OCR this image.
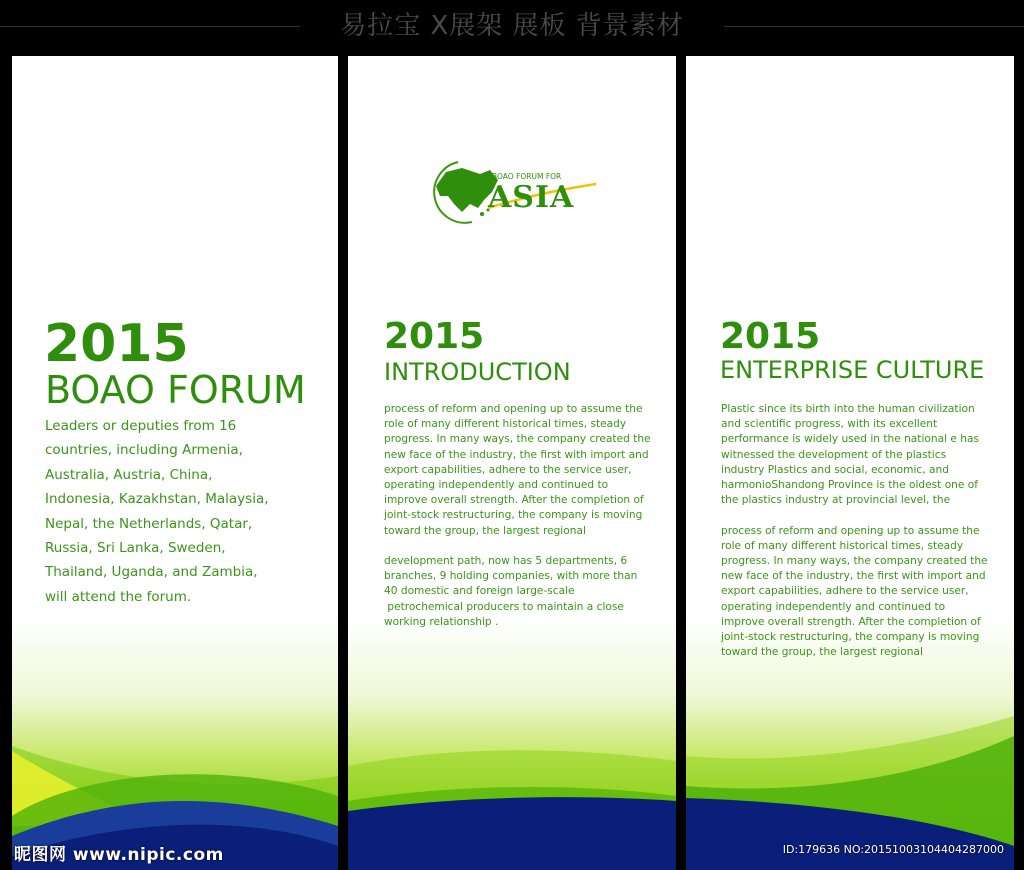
易拉宝 X展架 展板 背景素材
2015
BOAO FORUM

Leaders or deputies from 16

countries, including Armenia,

Australia, Austria, China,

Indonesia, Kazakhstan, Malaysia,

Nepal, the Netherlands, Qatar,

Russia, Sri Lanka, Sweden,

Thailand, Uganda, and Zambia,

will attend the forum.

BOAO FORUM FOR
ASIA
2015
INTRODUCTION

process of reform and opening up to assume the

role of many different historical times, steady

progress. In many ways, the company created the

new face of the industry, the first with import and

export capabilities, adhere to the service user,

operating independently and continued to

improve overall strength. After the completion of

joint-stock restructuring, the company is moving

toward the group, the largest regional

development path, now has 5 departments, 6

branches, 9 holding companies, with more than

40 domestic and foreign large-scale

petrochemical producers to maintain a close

working relationship .

2015
ENTERPRISE CULTURE

Plastic since its birth into the human civilization

and scientific progress, with its excellent

performance is widely used in the national e has

witnessed the development of the plastics

industry Plastics and social, economic, and

harmonioShandong Province is the oldest one of

the plastics industry at provincial level, the

process of reform and opening up to assume the

role of many different historical times, steady

progress. In many ways, the company created the

new face of the industry, the first with import and

export capabilities, adhere to the service user,

operating independently and continued to

improve overall strength. After the completion of

joint-stock restructuring, the company is moving

toward the group, the largest regional

昵图网 www.nipic.com	ID:179636 NO:20151003104404287000
